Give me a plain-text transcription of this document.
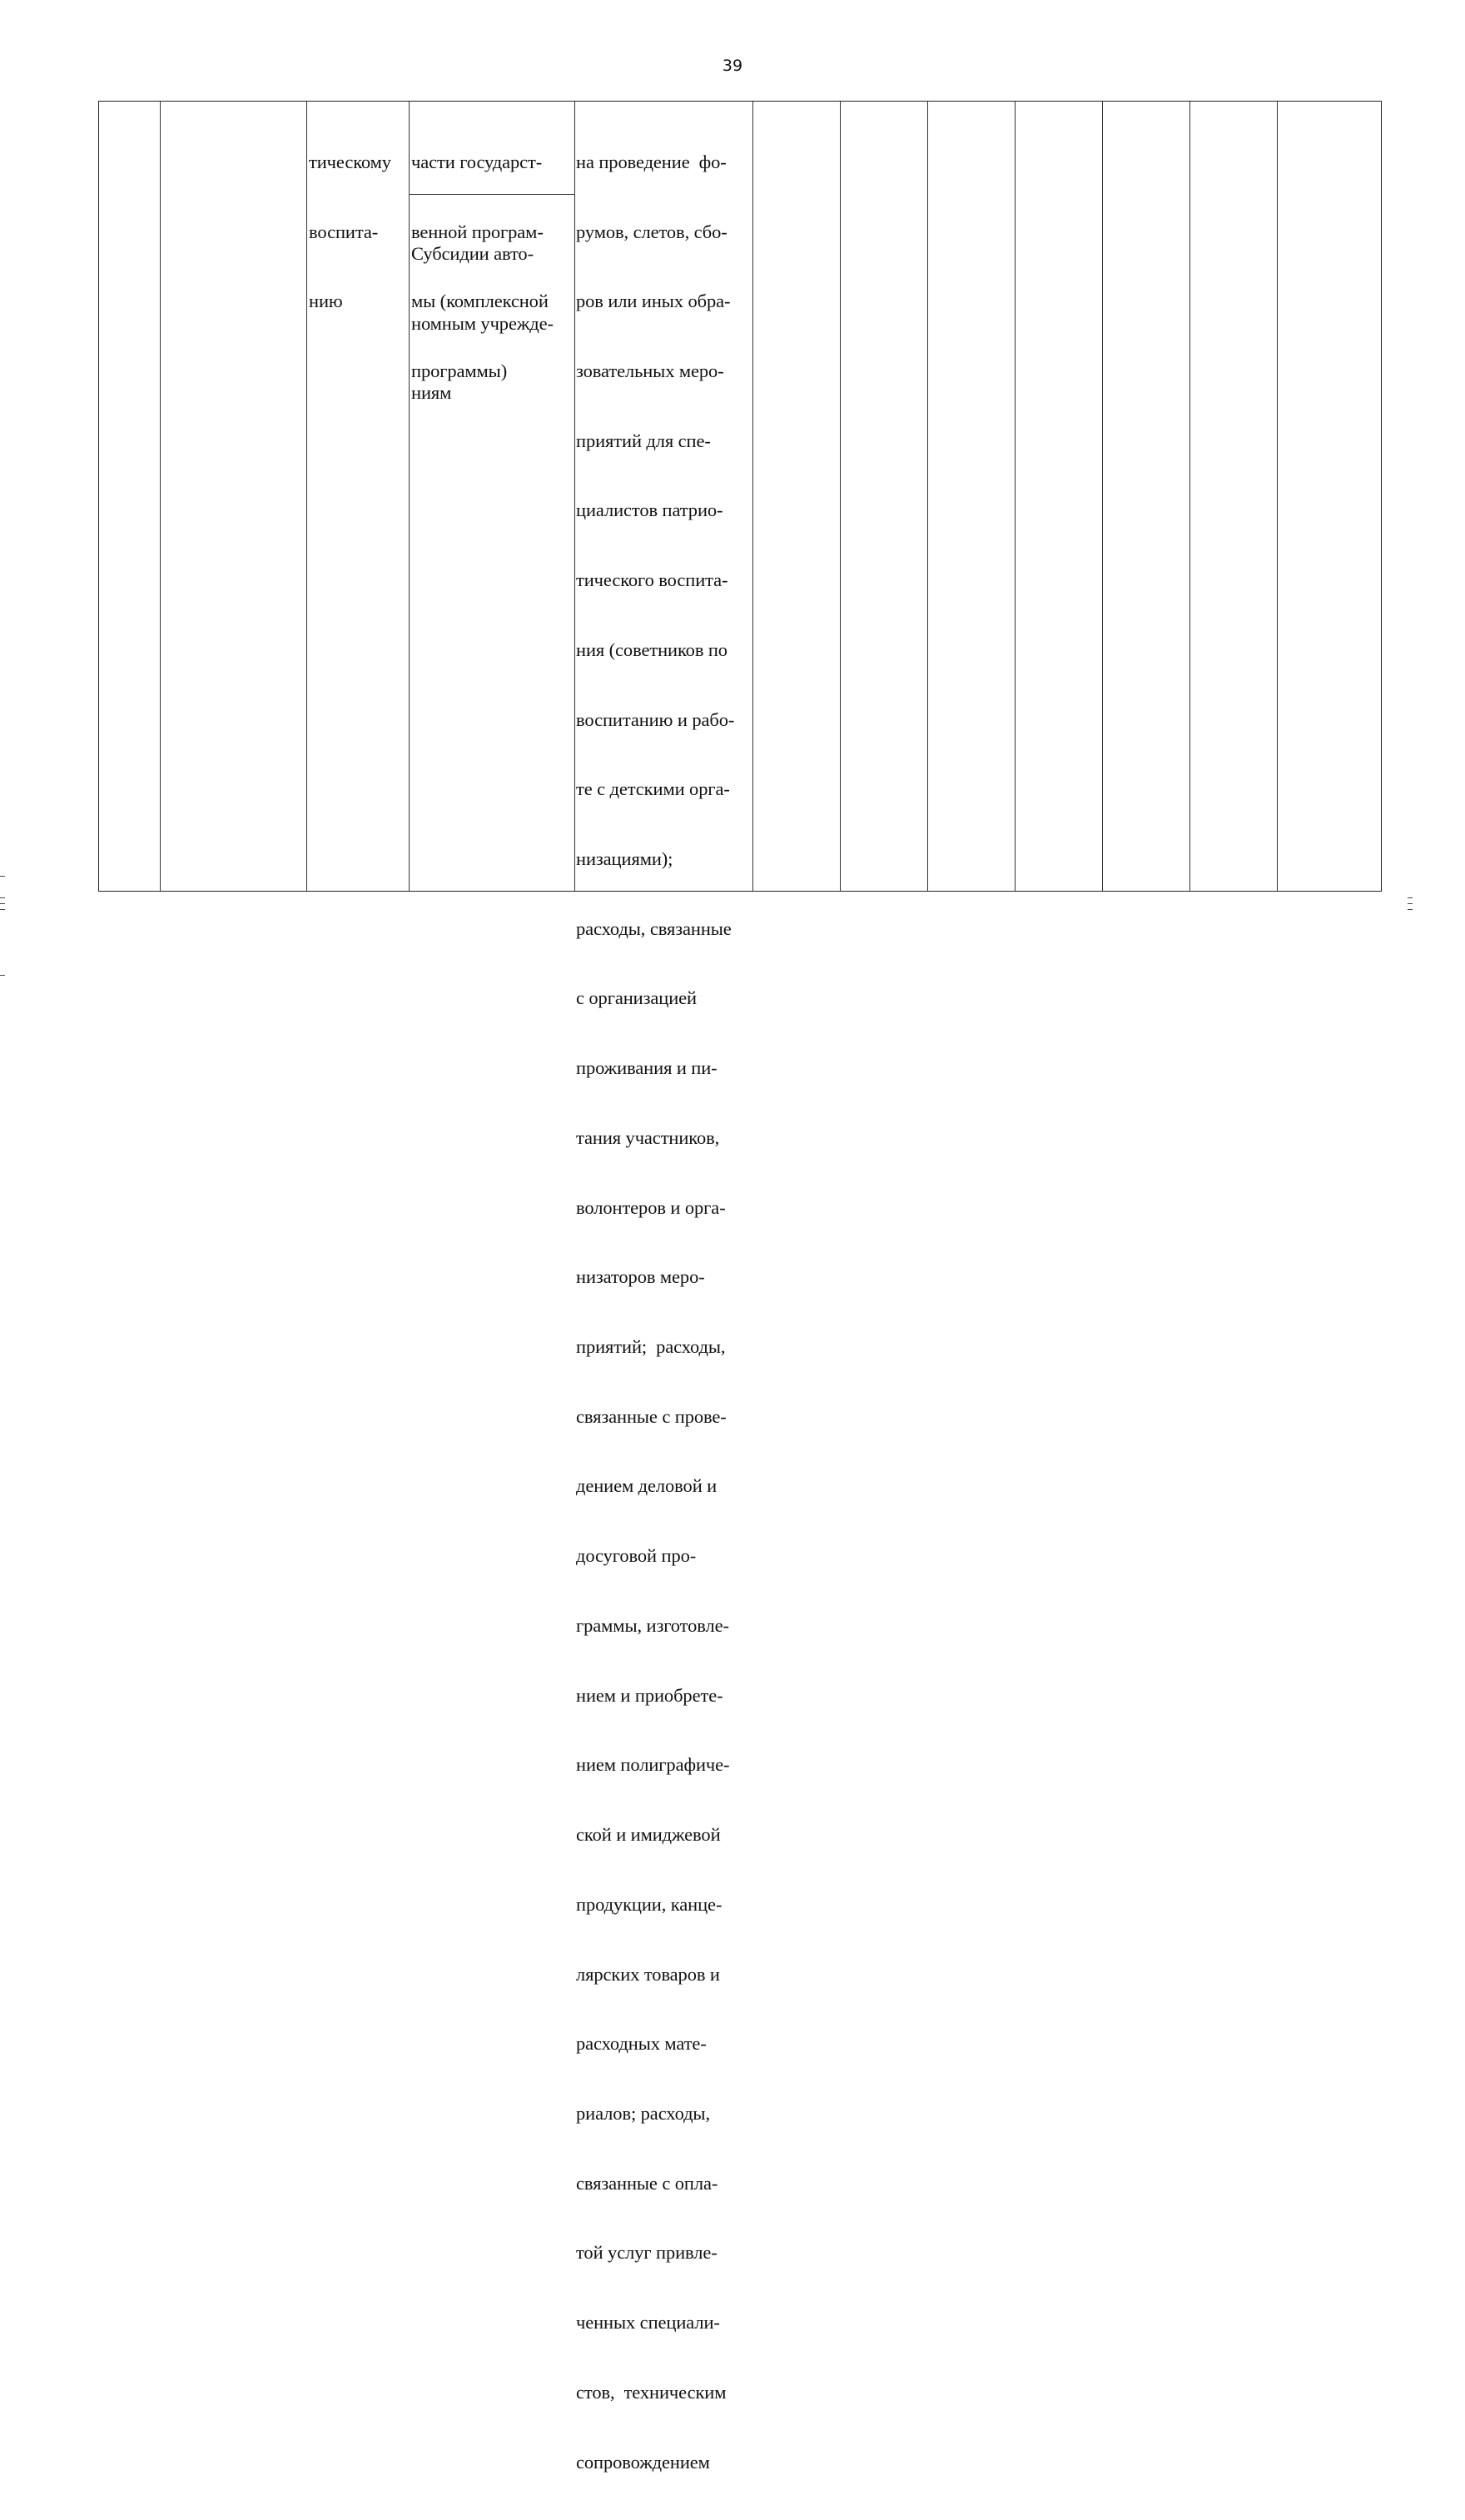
39

тическому

воспита-

нию

части государст-

венной програм-

мы (комплексной

программы)

Субсидии авто-

номным учрежде-

ниям

на проведение  фо-

румов, слетов, сбо-

ров или иных обра-

зовательных меро-

приятий для спе-

циалистов патрио-

тического воспита-

ния (советников по

воспитанию и рабо-

те с детскими орга-

низациями);

расходы, связанные

с организацией

проживания и пи-

тания участников,

волонтеров и орга-

низаторов меро-

приятий;  расходы,

связанные с прове-

дением деловой и

досуговой про-

граммы, изготовле-

нием и приобрете-

нием полиграфиче-

ской и имиджевой

продукции, канце-

лярских товаров и

расходных мате-

риалов; расходы,

связанные с опла-

той услуг привле-

ченных специали-

стов,  техническим

сопровождением
